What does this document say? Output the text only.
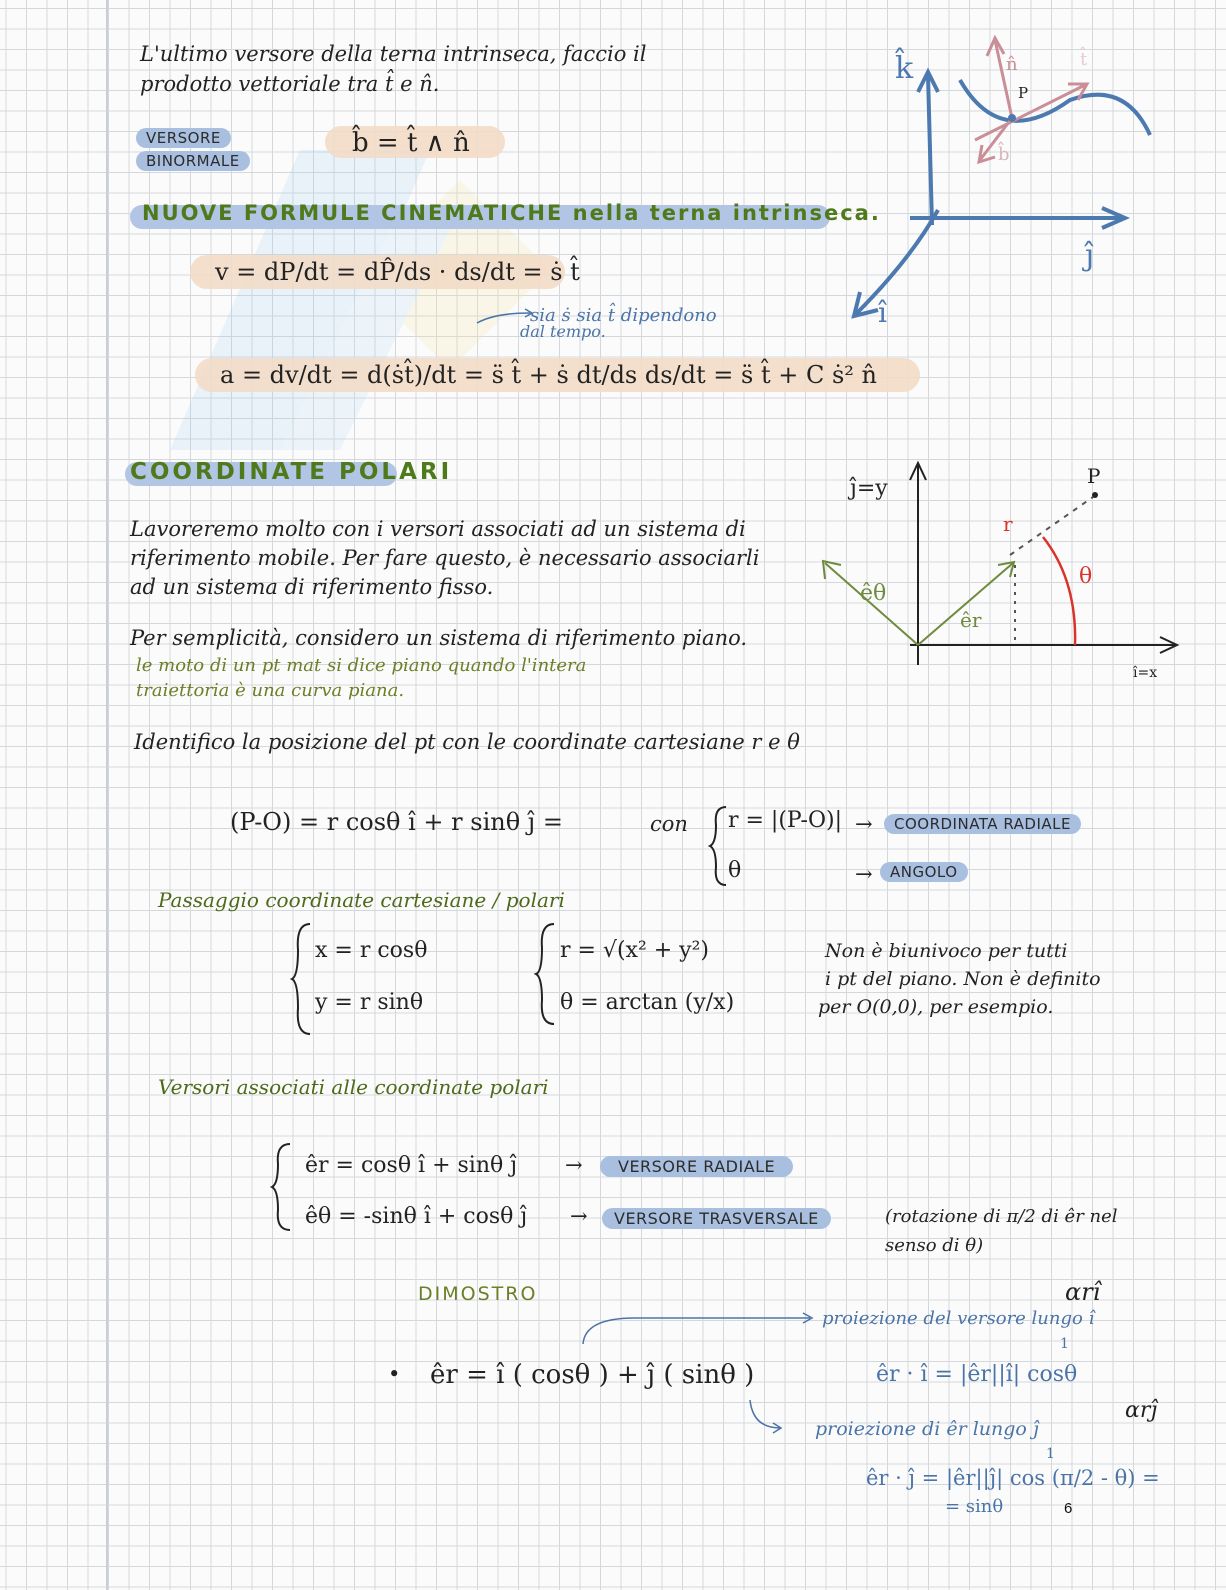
L'ultimo versore della terna intrinseca, faccio il
prodotto vettoriale tra t̂ e n̂.
VERSORE
BINORMALE
b̂ = t̂ ∧ n̂
NUOVE FORMULE CINEMATICHE nella terna intrinseca.
v = dP/dt = dP̂/ds · ds/dt = ṡ t̂
sia ṡ sia t̂ dipendono
dal tempo.
a = dv/dt = d(ṡt̂)/dt = s̈ t̂ + ṡ dt/ds ds/dt = s̈ t̂ + C ṡ² n̂
k̂
ĵ
î
n̂	t̂
b̂
P
COORDINATE POLARI
Lavoreremo molto con i versori associati ad un sistema di
riferimento mobile. Per fare questo, è necessario associarli
ad un sistema di riferimento fisso.
Per semplicità, considero un sistema di riferimento piano.
le moto di un pt mat si dice piano quando l'intera
traiettoria è una curva piana.
ĵ=y
î=x
P
r
θ
êθ
êr
Identifico la posizione del pt con le coordinate cartesiane r e θ
(P-O) = r cosθ î + r sinθ ĵ =	con r = |(P-O)|
θ
→
→
COORDINATA RADIALE
ANGOLO
Passaggio coordinate cartesiane / polari
x = r cosθ
y = r sinθ
r = √(x² + y²)
θ = arctan (y/x)
Non è biunivoco per tutti
i pt del piano. Non è definito
per O(0,0), per esempio.
Versori associati alle coordinate polari
êr = cosθ î + sinθ ĵ →	VERSORE RADIALE
êθ = -sinθ î + cosθ ĵ →	VERSORE TRASVERSALE	(rotazione di π/2 di êr nel
senso di θ)
DIMOSTRO	αrî
proiezione del versore lungo î
• êr = î ( cosθ ) + ĵ ( sinθ )
1
êr · î = |êr||î| cosθ
proiezione di êr lungo ĵ
αrĵ
1
êr · ĵ = |êr||ĵ| cos (π/2 - θ) =
= sinθ	6
